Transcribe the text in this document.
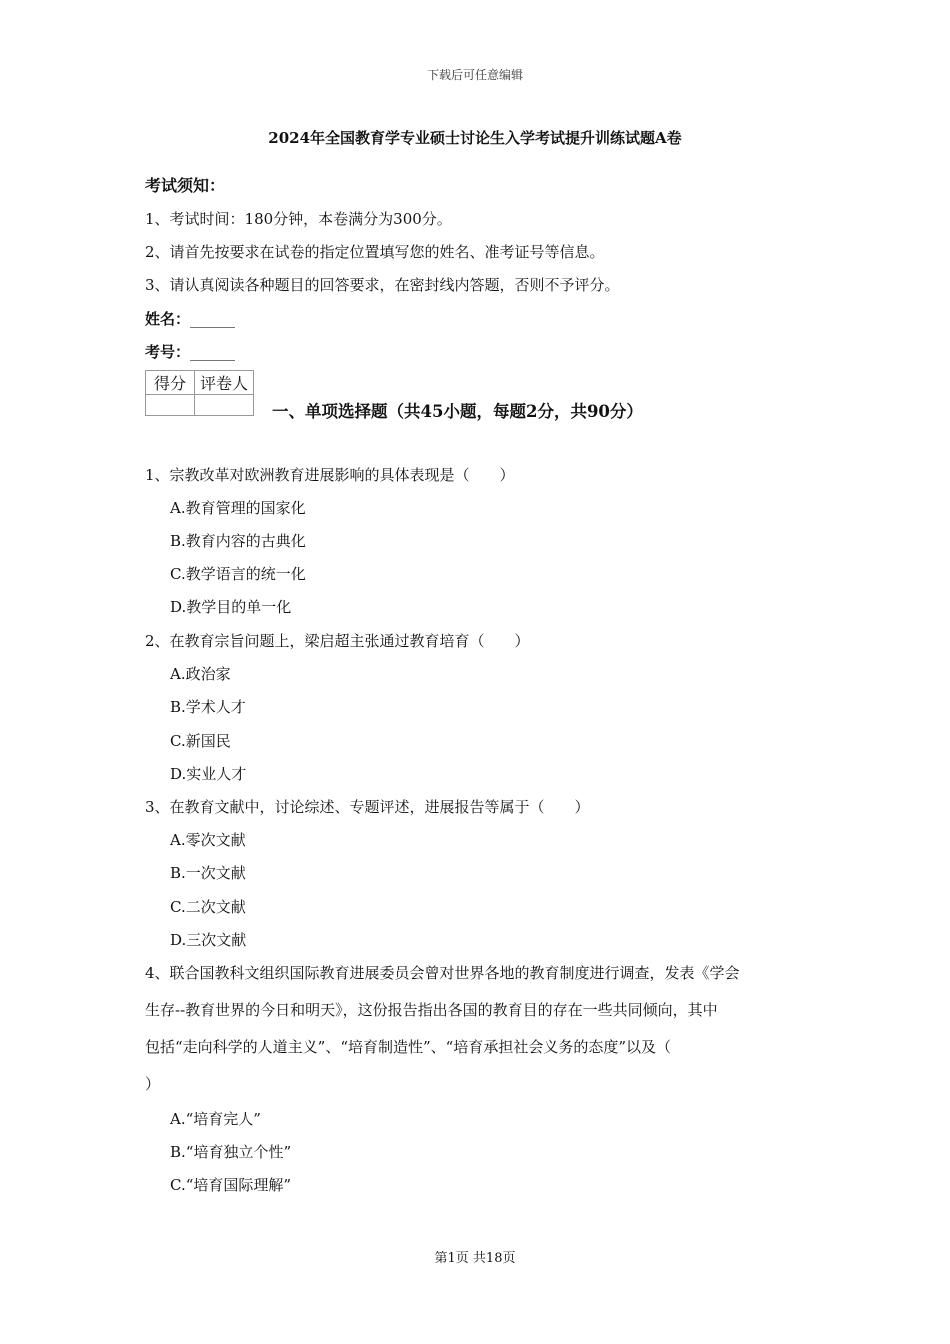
下载后可任意编辑
2024年全国教育学专业硕士讨论生入学考试提升训练试题A卷
考试须知：
1、考试时间：180分钟，本卷满分为300分。
2、请首先按要求在试卷的指定位置填写您的姓名、准考证号等信息。
3、请认真阅读各种题目的回答要求，在密封线内答题，否则不予评分。
姓名：______
考号：______
得分	评卷人

一、单项选择题（共45小题，每题2分，共90分）
1、宗教改革对欧洲教育进展影响的具体表现是（　　）
A.教育管理的国家化
B.教育内容的古典化
C.教学语言的统一化
D.教学目的单一化
2、在教育宗旨问题上，梁启超主张通过教育培育（　　）
A.政治家
B.学术人才
C.新国民
D.实业人才
3、在教育文献中，讨论综述、专题评述，进展报告等属于（　　）
A.零次文献
B.一次文献
C.二次文献
D.三次文献
4、联合国教科文组织国际教育进展委员会曾对世界各地的教育制度进行调查，发表《学会
生存--教育世界的今日和明天》，这份报告指出各国的教育目的存在一些共同倾向，其中
包括“走向科学的人道主义”、“培育制造性”、“培育承担社会义务的态度”以及（
）
A.“培育完人”
B.“培育独立个性”
C.“培育国际理解”
第1页 共18页
